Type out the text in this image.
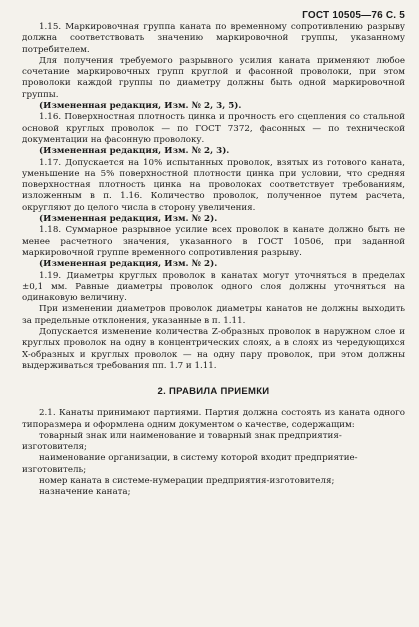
ГОСТ 10505—76 С. 5

1.15. Маркировочная группа каната по временному сопротивлению разрыву должна соответствовать значению маркировочной группы, указанному потребителем.

Для получения требуемого разрывного усилия каната применяют любое сочетание маркировочных групп круглой и фасонной проволоки, при этом проволоки каждой группы по диаметру должны быть одной маркировочной группы.

(Измененная редакция, Изм. № 2, 3, 5).

1.16. Поверхностная плотность цинка и прочность его сцепления со стальной основой круглых проволок — по ГОСТ 7372, фасонных — по технической документации на фасонную проволоку.

(Измененная редакция, Изм. № 2, 3).

1.17. Допускается на 10% испытанных проволок, взятых из готового каната, уменьшение на 5% поверхностной плотности цинка при условии, что средняя поверхностная плотность цинка на проволоках соответствует требованиям, изложенным в п. 1.16. Количество проволок, полученное путем расчета, округляют до целого числа в сторону увеличения.

(Измененная редакция, Изм. № 2).

1.18. Суммарное разрывное усилие всех проволок в канате должно быть не менее расчетного значения, указанного в ГОСТ 10506, при заданной маркировочной группе временного сопротивления разрыву.

(Измененная редакция, Изм. № 2).

1.19. Диаметры круглых проволок в канатах могут уточняться в пределах ±0,1 мм. Равные диаметры проволок одного слоя должны уточняться на одинаковую величину.

При изменении диаметров проволок диаметры канатов не должны выходить за предельные отклонения, указанные в п. 1.11.

Допускается изменение количества Z-образных проволок в наружном слое и круглых проволок на одну в концентрических слоях, а в слоях из чередующихся X-образных и круглых проволок — на одну пару проволок, при этом должны выдерживаться требования пп. 1.7 и 1.11.

2. ПРАВИЛА ПРИЕМКИ

2.1. Канаты принимают партиями. Партия должна состоять из каната одного типоразмера и оформлена одним документом о качестве, содержащим:

товарный знак или наименование и товарный знак предприятия-изготовителя;

наименование организации, в систему которой входит предприятие-изготовитель;

номер каната в системе-нумерации предприятия-изготовителя;

назначение каната;
